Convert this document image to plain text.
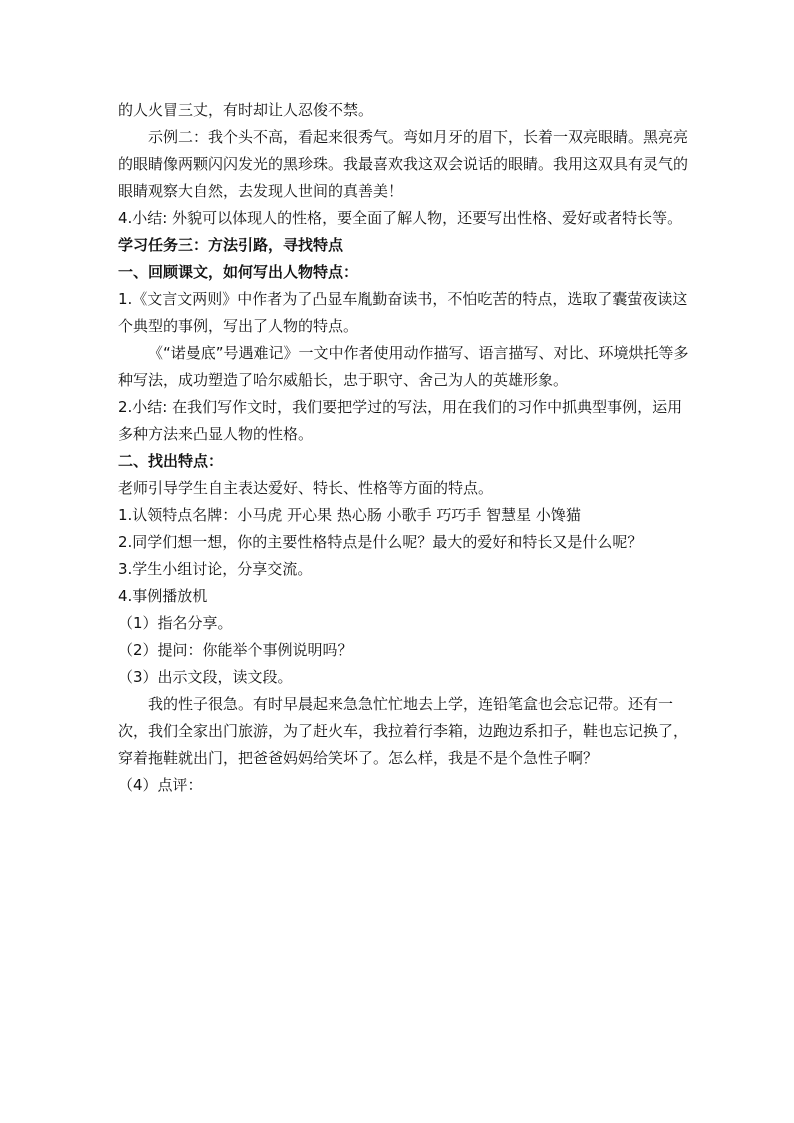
的人火冒三丈，有时却让人忍俊不禁。

示例二：我个头不高，看起来很秀气。弯如月牙的眉下，长着一双亮眼睛。黑亮亮的眼睛像两颗闪闪发光的黑珍珠。我最喜欢我这双会说话的眼睛。我用这双具有灵气的眼睛观察大自然，去发现人世间的真善美！

4.小结: 外貌可以体现人的性格，要全面了解人物，还要写出性格、爱好或者特长等。

学习任务三：方法引路，寻找特点

一、回顾课文，如何写出人物特点：

1.《文言文两则》中作者为了凸显车胤勤奋读书，不怕吃苦的特点，选取了囊萤夜读这个典型的事例，写出了人物的特点。

《“诺曼底”号遇难记》一文中作者使用动作描写、语言描写、对比、环境烘托等多种写法，成功塑造了哈尔威船长，忠于职守、舍己为人的英雄形象。

2.小结: 在我们写作文时，我们要把学过的写法，用在我们的习作中抓典型事例，运用多种方法来凸显人物的性格。

二、找出特点：

老师引导学生自主表达爱好、特长、性格等方面的特点。

1.认领特点名牌：小马虎 开心果 热心肠 小歌手 巧巧手 智慧星 小馋猫

2.同学们想一想，你的主要性格特点是什么呢？最大的爱好和特长又是什么呢？

3.学生小组讨论，分享交流。

4.事例播放机

（1）指名分享。

（2）提问：你能举个事例说明吗？

（3）出示文段，读文段。

我的性子很急。有时早晨起来急急忙忙地去上学，连铅笔盒也会忘记带。还有一次，我们全家出门旅游，为了赶火车，我拉着行李箱，边跑边系扣子，鞋也忘记换了，穿着拖鞋就出门，把爸爸妈妈给笑坏了。怎么样，我是不是个急性子啊？

（4）点评：
